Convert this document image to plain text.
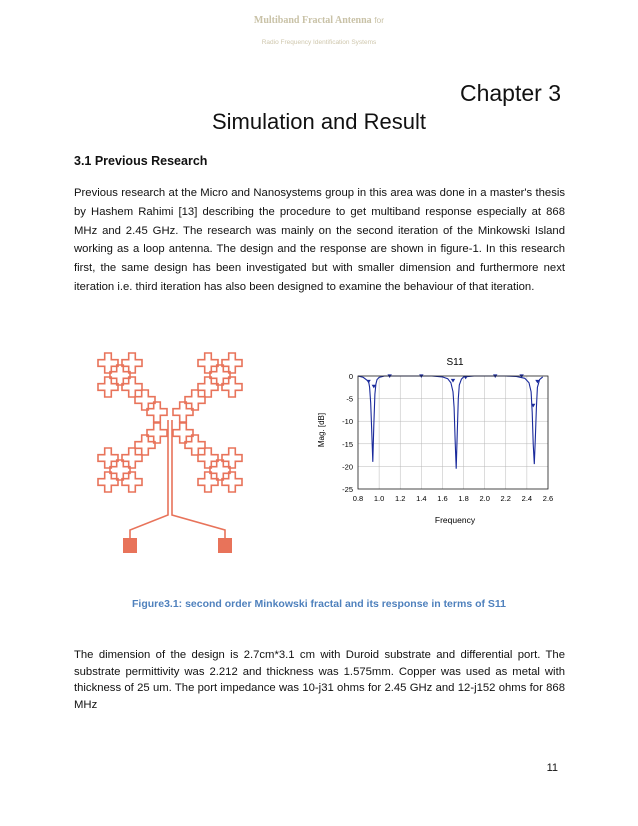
Multiband Fractal Antenna for
Radio Frequency Identification Systems
Chapter 3
Simulation and Result
3.1 Previous Research
Previous research at the Micro and Nanosystems group in this area was done in a master's thesis by Hashem Rahimi [13] describing the procedure to get multiband response especially at 868 MHz and 2.45 GHz. The research was mainly on the second iteration of the Minkowski Island working as a loop antenna. The design and the response are shown in figure-1. In this research first, the same design has been investigated but with smaller dimension and furthermore next iteration i.e. third iteration has also been designed to examine the behaviour of that iteration.
S11
0
-5
-10
-15
-20
-25
0.8 1.0 1.2 1.4 1.6 1.8 2.0 2.2 2.4 2.6
Mag. [dB]
Frequency
Figure3.1: second order Minkowski fractal and its response in terms of S11
The dimension of the design is 2.7cm*3.1 cm with Duroid substrate and differential port. The substrate permittivity was 2.212 and thickness was 1.575mm. Copper was used as metal with thickness of 25 um. The port impedance was 10-j31 ohms for 2.45 GHz and 12-j152 ohms for 868 MHz
11
